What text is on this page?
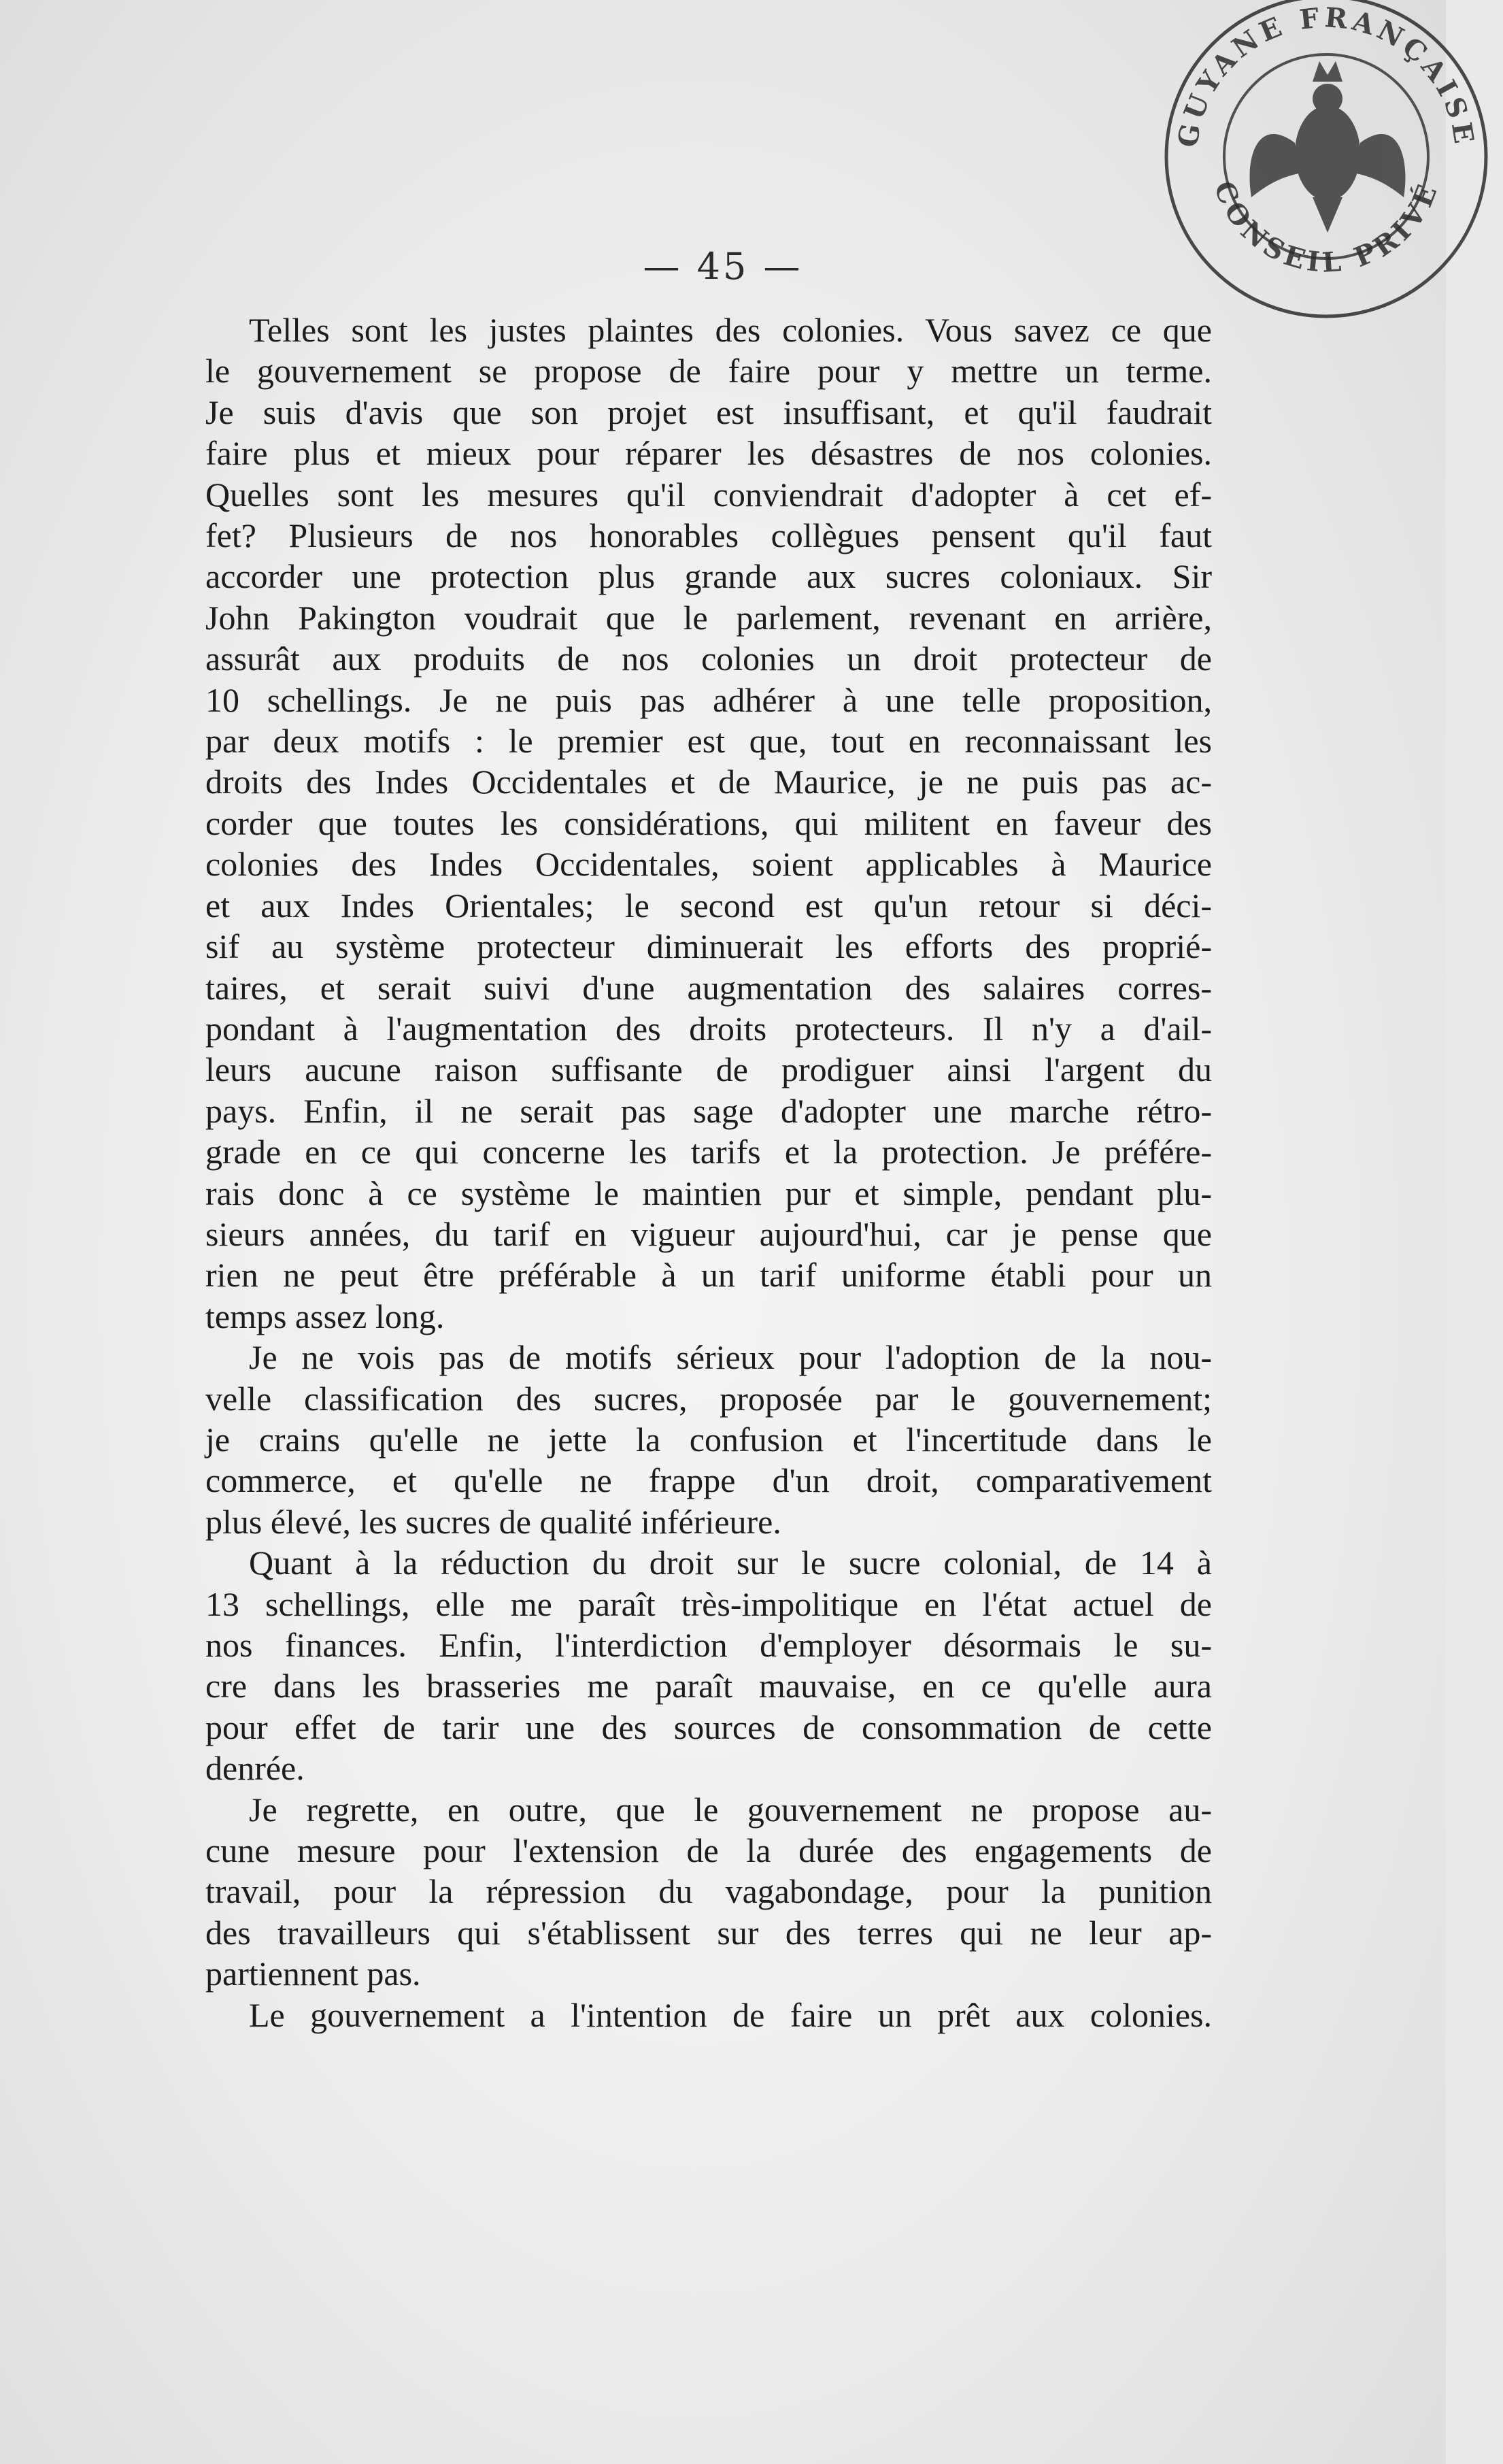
GUYANE FRANÇAISE
CONSEIL PRIVÉ
— 45 —

Telles sont les justes plaintes des colonies. Vous savez ce que
le gouvernement se propose de faire pour y mettre un terme.
Je suis d'avis que son projet est insuffisant, et qu'il faudrait
faire plus et mieux pour réparer les désastres de nos colonies.
Quelles sont les mesures qu'il conviendrait d'adopter à cet ef-
fet? Plusieurs de nos honorables collègues pensent qu'il faut
accorder une protection plus grande aux sucres coloniaux. Sir
John Pakington voudrait que le parlement, revenant en arrière,
assurât aux produits de nos colonies un droit protecteur de
10 schellings. Je ne puis pas adhérer à une telle proposition,
par deux motifs : le premier est que, tout en reconnaissant les
droits des Indes Occidentales et de Maurice, je ne puis pas ac-
corder que toutes les considérations, qui militent en faveur des
colonies des Indes Occidentales, soient applicables à Maurice
et aux Indes Orientales; le second est qu'un retour si déci-
sif au système protecteur diminuerait les efforts des proprié-
taires, et serait suivi d'une augmentation des salaires corres-
pondant à l'augmentation des droits protecteurs. Il n'y a d'ail-
leurs aucune raison suffisante de prodiguer ainsi l'argent du
pays. Enfin, il ne serait pas sage d'adopter une marche rétro-
grade en ce qui concerne les tarifs et la protection. Je préfére-
rais donc à ce système le maintien pur et simple, pendant plu-
sieurs années, du tarif en vigueur aujourd'hui, car je pense que
rien ne peut être préférable à un tarif uniforme établi pour un
temps assez long.

Je ne vois pas de motifs sérieux pour l'adoption de la nou-
velle classification des sucres, proposée par le gouvernement;
je crains qu'elle ne jette la confusion et l'incertitude dans le
commerce, et qu'elle ne frappe d'un droit, comparativement
plus élevé, les sucres de qualité inférieure.

Quant à la réduction du droit sur le sucre colonial, de 14 à
13 schellings, elle me paraît très-impolitique en l'état actuel de
nos finances. Enfin, l'interdiction d'employer désormais le su-
cre dans les brasseries me paraît mauvaise, en ce qu'elle aura
pour effet de tarir une des sources de consommation de cette
denrée.

Je regrette, en outre, que le gouvernement ne propose au-
cune mesure pour l'extension de la durée des engagements de
travail, pour la répression du vagabondage, pour la punition
des travailleurs qui s'établissent sur des terres qui ne leur ap-
partiennent pas.

Le gouvernement a l'intention de faire un prêt aux colonies.
